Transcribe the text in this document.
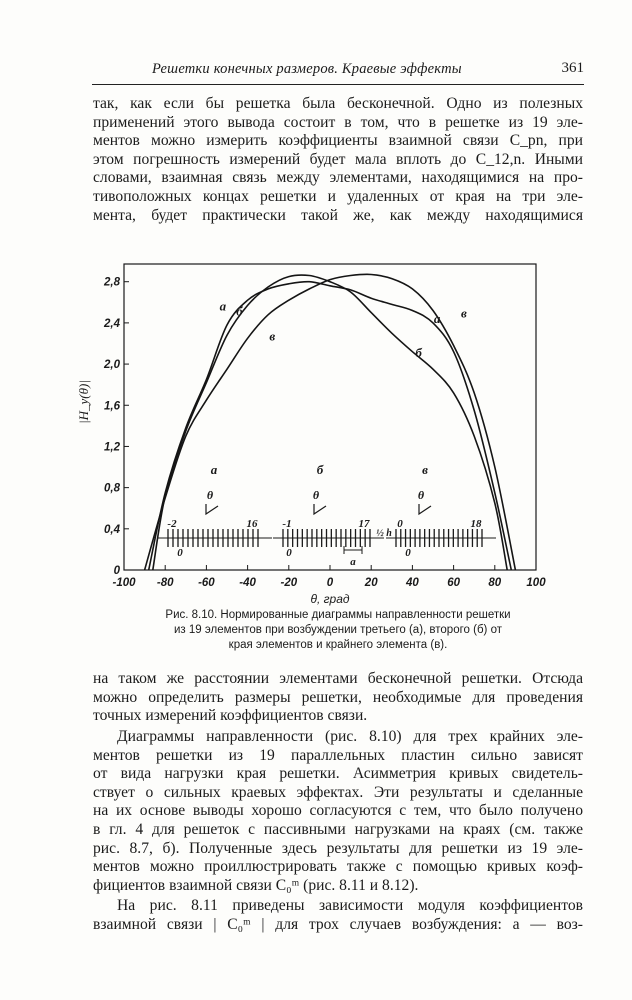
Решетки конечных размеров. Краевые эффекты	361
так, как если бы решетка была бесконечной. Одно из полезных
применений этого вывода состоит в том, что в решетке из 19 эле-
ментов можно измерить коэффициенты взаимной связи C_pn, при
этом погрешность измерений будет мала вплоть до C_12,n. Иными
словами, взаимная связь между элементами, находящимися на про-
тивоположных концах решетки и удаленных от края на три эле-
мента, будет практически такой же, как между находящимися
-100 -80 -60 -40 -20	0	20 40 60 80 100
θ, град
0
0,4
0,8
1,2
1,6
2,0
2,4
2,8
|H_y(θ)|
а б
в
а
б
в
а
θ
-2	16
0
б
θ
-1	17
0
a
½ h
в
θ
0	18
0
Рис. 8.10. Нормированные диаграммы направленности решетки
из 19 элементов при возбуждении третьего (а), второго (б) от
края элементов и крайнего элемента (в).
на таком же расстоянии элементами бесконечной решетки. Отсюда
можно определить размеры решетки, необходимые для проведения
точных измерений коэффициентов связи.
Диаграммы направленности (рис. 8.10) для трех крайних эле-
ментов решетки из 19 параллельных пластин сильно зависят
от вида нагрузки края решетки. Асимметрия кривых свидетель-
ствует о сильных краевых эффектах. Эти результаты и сделанные
на их основе выводы хорошо согласуются с тем, что было получено
в гл. 4 для решеток с пассивными нагрузками на краях (см. также
рис. 8.7, б). Полученные здесь результаты для решетки из 19 эле-
ментов можно проиллюстрировать также с помощью кривых коэф-
фициентов взаимной связи C₀ᵐ (рис. 8.11 и 8.12).
На рис. 8.11 приведены зависимости модуля коэффициентов
взаимной связи | C₀ᵐ | для трох случаев возбуждения: а — воз-
